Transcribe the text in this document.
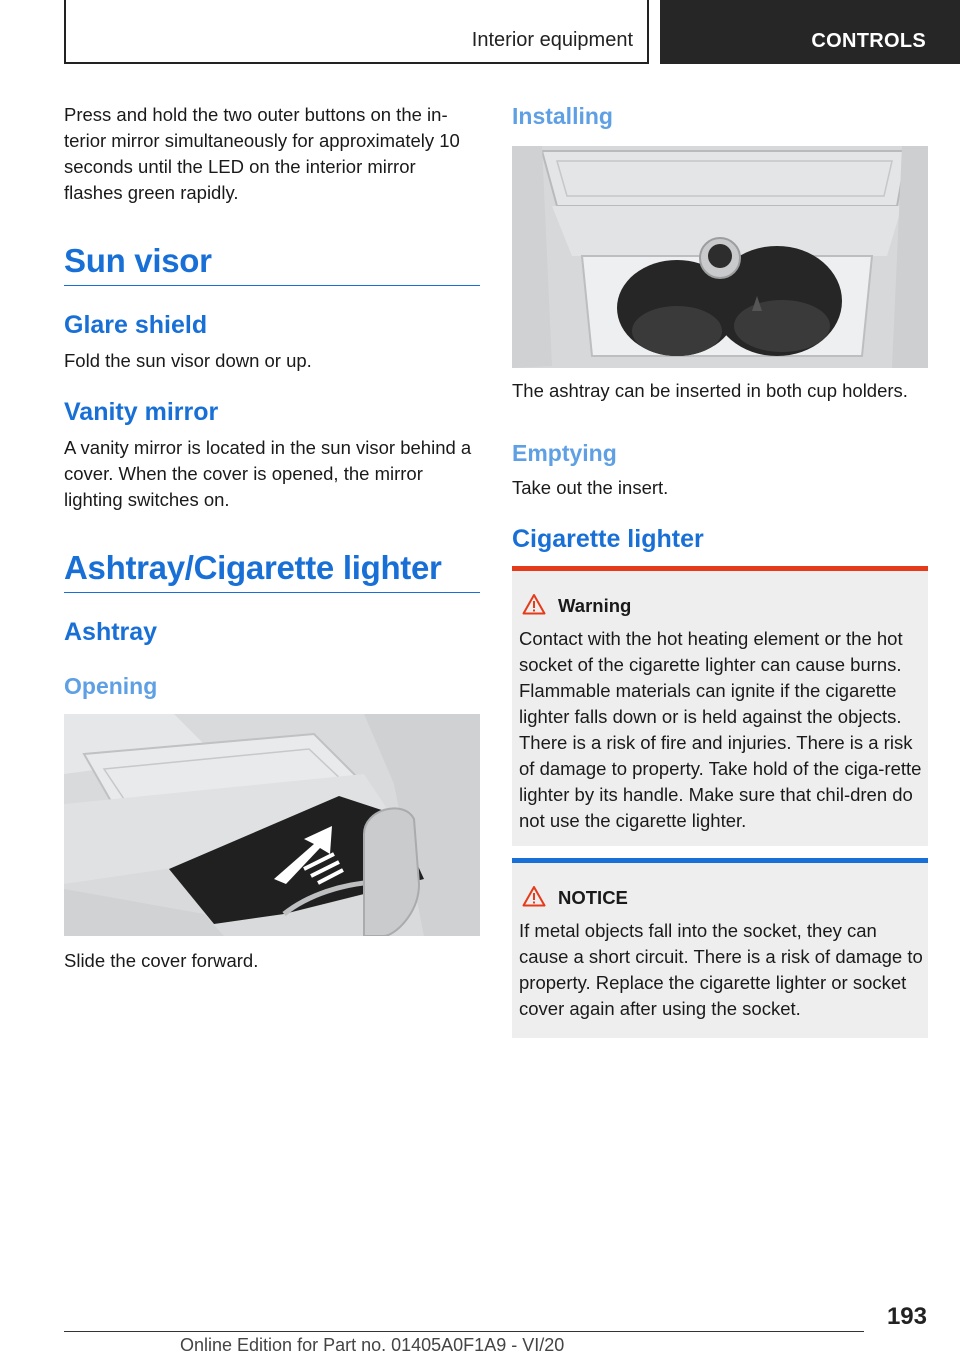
Interior equipment	CONTROLS

Press and hold the two outer buttons on the in-terior mirror simultaneously for approximately 10 seconds until the LED on the interior mirror flashes green rapidly.

Sun visor
Glare shield

Fold the sun visor down or up.

Vanity mirror

A vanity mirror is located in the sun visor behind a cover. When the cover is opened, the mirror lighting switches on.

Ashtray/Cigarette lighter
Ashtray
Opening

Slide the cover forward.

Installing

The ashtray can be inserted in both cup holders.

Emptying

Take out the insert.

Cigarette lighter
Warning

Contact with the hot heating element or the hot socket of the cigarette lighter can cause burns. Flammable materials can ignite if the cigarette lighter falls down or is held against the objects. There is a risk of fire and injuries. There is a risk of damage to property. Take hold of the ciga-rette lighter by its handle. Make sure that chil-dren do not use the cigarette lighter.

NOTICE

If metal objects fall into the socket, they can cause a short circuit. There is a risk of damage to property. Replace the cigarette lighter or socket cover again after using the socket.

193
Online Edition for Part no. 01405A0F1A9 - VI/20
